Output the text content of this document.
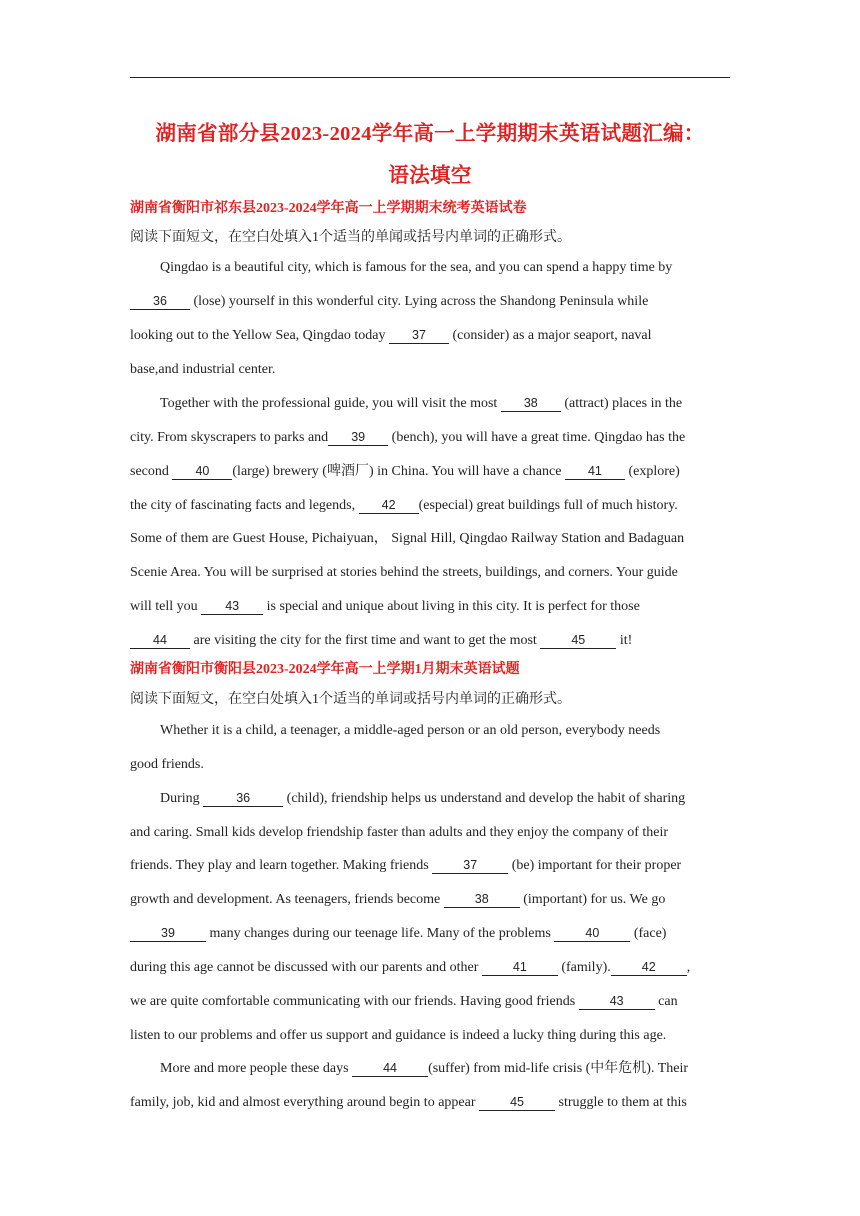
湖南省部分县2023-2024学年高一上学期期末英语试题汇编：
语法填空
湖南省衡阳市祁东县2023-2024学年高一上学期期末统考英语试卷
阅读下面短文，在空白处填入1个适当的单闻或括号内单词的正确形式。
Qingdao is a beautiful city, which is famous for the sea, and you can spend a happy time by
36 (lose) yourself in this wonderful city. Lying across the Shandong Peninsula while
looking out to the Yellow Sea, Qingdao today 37 (consider) as a major seaport, naval
base,and industrial center.
Together with the professional guide, you will visit the most 38 (attract) places in the
city. From skyscrapers to parks and 39 (bench), you will have a great time. Qingdao has the
second 40 (large) brewery (啤酒厂) in China. You will have a chance 41 (explore)
the city of fascinating facts and legends, 42 (especial) great buildings full of much history.
Some of them are Guest House, Pichaiyuan， Signal Hill, Qingdao Railway Station and Badaguan
Scenie Area. You will be surprised at stories behind the streets, buildings, and corners. Your guide
will tell you 43 is special and unique about living in this city. It is perfect for those
44 are visiting the city for the first time and want to get the most 45 it!
湖南省衡阳市衡阳县2023-2024学年高一上学期1月期末英语试题
阅读下面短文，在空白处填入1个适当的单词或括号内单词的正确形式。
Whether it is a child, a teenager, a middle-aged person or an old person, everybody needs
good friends.
During	36 (child), friendship helps us understand and develop the habit of sharing
and caring. Small kids develop friendship faster than adults and they enjoy the company of their
friends. They play and learn together. Making friends 37 (be) important for their proper
growth and development. As teenagers, friends become 38 (important) for us. We go
39 many changes during our teenage life. Many of the problems 40 (face)
during this age cannot be discussed with our parents and other 41 (family). 42 ,
we are quite comfortable communicating with our friends. Having good friends 43 can
listen to our problems and offer us support and guidance is indeed a lucky thing during this age.
More and more people these days 44 (suffer) from mid-life crisis (中年危机). Their
family, job, kid and almost everything around begin to appear 45 struggle to them at this
